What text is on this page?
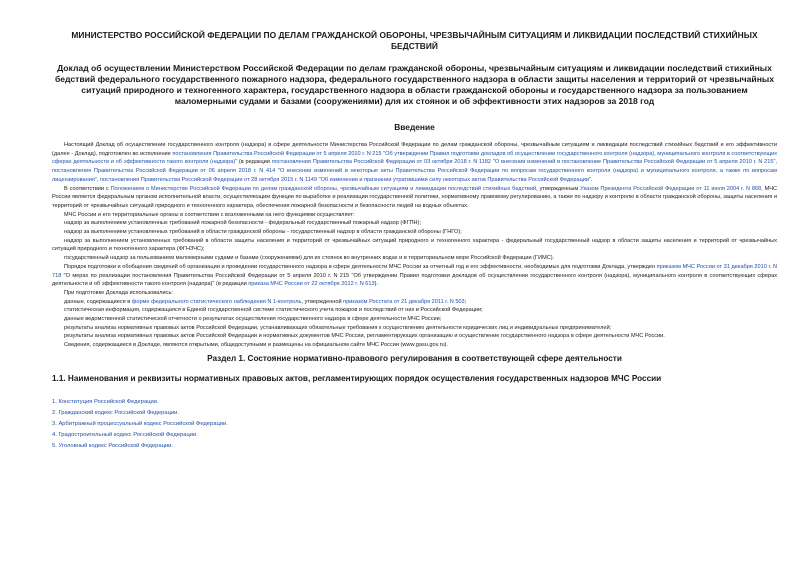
МИНИСТЕРСТВО РОССИЙСКОЙ ФЕДЕРАЦИИ ПО ДЕЛАМ ГРАЖДАНСКОЙ ОБОРОНЫ, ЧРЕЗВЫЧАЙНЫМ СИТУАЦИЯМ И ЛИКВИДАЦИИ ПОСЛЕДСТВИЙ СТИХИЙНЫХ БЕДСТВИЙ
Доклад об осуществлении Министерством Российской Федерации по делам гражданской обороны, чрезвычайным ситуациям и ликвидации последствий стихийных бедствий федерального государственного пожарного надзора, федерального государственного надзора в области защиты населения и территорий от чрезвычайных ситуаций природного и техногенного характера, государственного надзора в области гражданской обороны и государственного надзора за пользованием маломерными судами и базами (сооружениями) для их стоянок и об эффективности этих надзоров за 2018 год
Введение

Настоящий Доклад об осуществлении государственного контроля (надзора) в сфере деятельности Министерства Российской Федерации по делам гражданской обороны, чрезвычайным ситуациям и ликвидации последствий стихийных бедствий и его эффективности (далее - Доклад), подготовлен во исполнение постановления Правительства Российской Федерации от 5 апреля 2010 г. N 215 "Об утверждении Правил подготовки докладов об осуществлении государственного контроля (надзора), муниципального контроля в соответствующих сферах деятельности и об эффективности такого контроля (надзора)" (в редакции постановления Правительства Российской Федерации от 03 октября 2018 г. N 1182 "О внесении изменений в постановление Правительства Российской Федерации от 5 апреля 2010 г. N 215", постановления Правительства Российской Федерации от 06 апреля 2018 г. N 414 "О внесении изменений в некоторые акты Правительства Российской Федерации по вопросам государственного контроля (надзора) и муниципального контроля, а также по вопросам лицензирования", постановления Правительства Российской Федерации от 28 октября 2015 г. N 1149 "Об изменении и признании утратившими силу некоторых актов Правительства Российской Федерации".

В соответствии с Положением о Министерстве Российской Федерации по делам гражданской обороны, чрезвычайным ситуациям и ликвидации последствий стихийных бедствий, утвержденным Указом Президента Российской Федерации от 11 июля 2004 г. N 868, МЧС России является федеральным органом исполнительной власти, осуществляющим функции по выработке и реализации государственной политики, нормативному правовому регулированию, а также по надзору и контролю в области гражданской обороны, защиты населения и территорий от чрезвычайных ситуаций природного и техногенного характера, обеспечения пожарной безопасности и безопасности людей на водных объектах.

МЧС России и его территориальные органы в соответствии с возложенными на него функциями осуществляет:

надзор за выполнением установленных требований пожарной безопасности - федеральный государственный пожарный надзор (ФГПН);

надзор за выполнением установленных требований в области гражданской обороны - государственный надзор в области гражданской обороны (ГНГО);

надзор за выполнением установленных требований в области защиты населения и территорий от чрезвычайных ситуаций природного и техногенного характера - федеральный государственный надзор в области защиты населения и территорий от чрезвычайных ситуаций природного и техногенного характера (ФГНЗЧС);

государственный надзор за пользованием маломерными судами и базами (сооружениями) для их стоянок во внутренних водах и в территориальном море Российской Федерации (ГИМС).

Порядок подготовки и обобщения сведений об организации и проведении государственного надзора в сфере деятельности МЧС России за отчетный год и его эффективности, необходимых для подготовки Доклада, утвержден приказом МЧС России от 31 декабря 2010 г. N 718 "О мерах по реализации постановления Правительства Российской Федерации от 5 апреля 2010 г. N 215 "Об утверждении Правил подготовки докладов об осуществлении государственного контроля (надзора), муниципального контроля в соответствующих сферах деятельности и об эффективности такого контроля (надзора)" (в редакции приказа МЧС России от 22 октября 2012 г. N 613).

При подготовке Доклада использовались:

данные, содержащиеся в форме федерального статистического наблюдения N 1-контроль, утвержденной приказом Росстата от 21 декабря 2011 г. N 503;

статистическая информация, содержащаяся в Единой государственной системе статистического учета пожаров и последствий от них в Российской Федерации;

данные ведомственной статистической отчетности о результатах осуществления государственного надзора в сфере деятельности МЧС России;

результаты анализа нормативных правовых актов Российской Федерации, устанавливающих обязательные требования к осуществлению деятельности юридических лиц и индивидуальных предпринимателей;

результаты анализа нормативных правовых актов Российской Федерации и нормативных документов МЧС России, регламентирующих организацию и осуществление государственного надзора в сфере деятельности МЧС России.

Сведения, содержащиеся в Докладе, являются открытыми, общедоступными и размещены на официальном сайте МЧС России (www.gasu.gov.ru).

Раздел 1. Состояние нормативно-правового регулирования в соответствующей сфере деятельности
1.1. Наименования и реквизиты нормативных правовых актов, регламентирующих порядок осуществления государственных надзоров МЧС России
1. Конституция Российской Федерации.
2. Гражданский кодекс Российской Федерации.
3. Арбитражный процессуальный кодекс Российской Федерации.
4. Градостроительный кодекс Российской Федерации.
5. Уголовный кодекс Российской Федерации.
